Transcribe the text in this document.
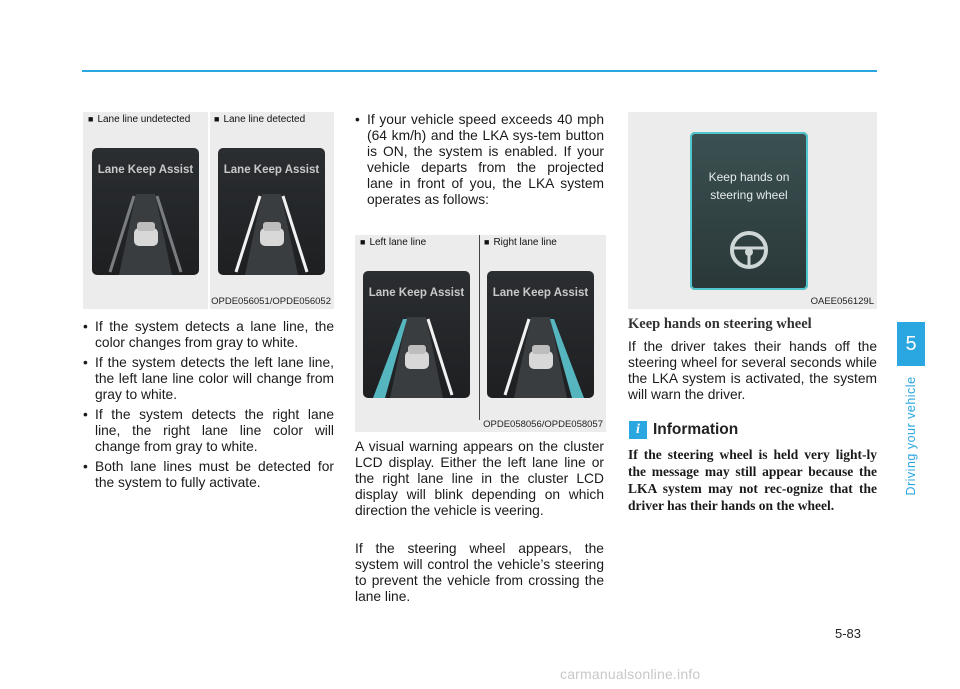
■ Lane line undetected	■ Lane line detected
Lane Keep Assist	Lane Keep Assist
OPDE056051/OPDE056052
• If the system detects a lane line, the color changes from gray to white.
• If the system detects the left lane line, the left lane line color will change from gray to white.
• If the system detects the right lane line, the right lane line color will change from gray to white.
• Both lane lines must be detected for the system to fully activate.
• If your vehicle speed exceeds 40 mph (64 km/h) and the LKA sys-tem button is ON, the system is enabled. If your vehicle departs from the projected lane in front of you, the LKA system operates as follows:
■ Left lane line	■ Right lane line
Lane Keep Assist	Lane Keep Assist
OPDE058056/OPDE058057

A visual warning appears on the cluster LCD display. Either the left lane line or the right lane line in the cluster LCD display will blink depending on which direction the vehicle is veering.

If the steering wheel appears, the system will control the vehicle’s steering to prevent the vehicle from crossing the lane line.

Keep hands on
steering wheel
OAEE056129L
Keep hands on steering wheel

If the driver takes their hands off the steering wheel for several seconds while the LKA system is activated, the system will warn the driver.

i Information

If the steering wheel is held very light-ly the message may still appear because the LKA system may not rec-ognize that the driver has their hands on the wheel.

5
Driving your vehicle
5-83
carmanualsonline.info
